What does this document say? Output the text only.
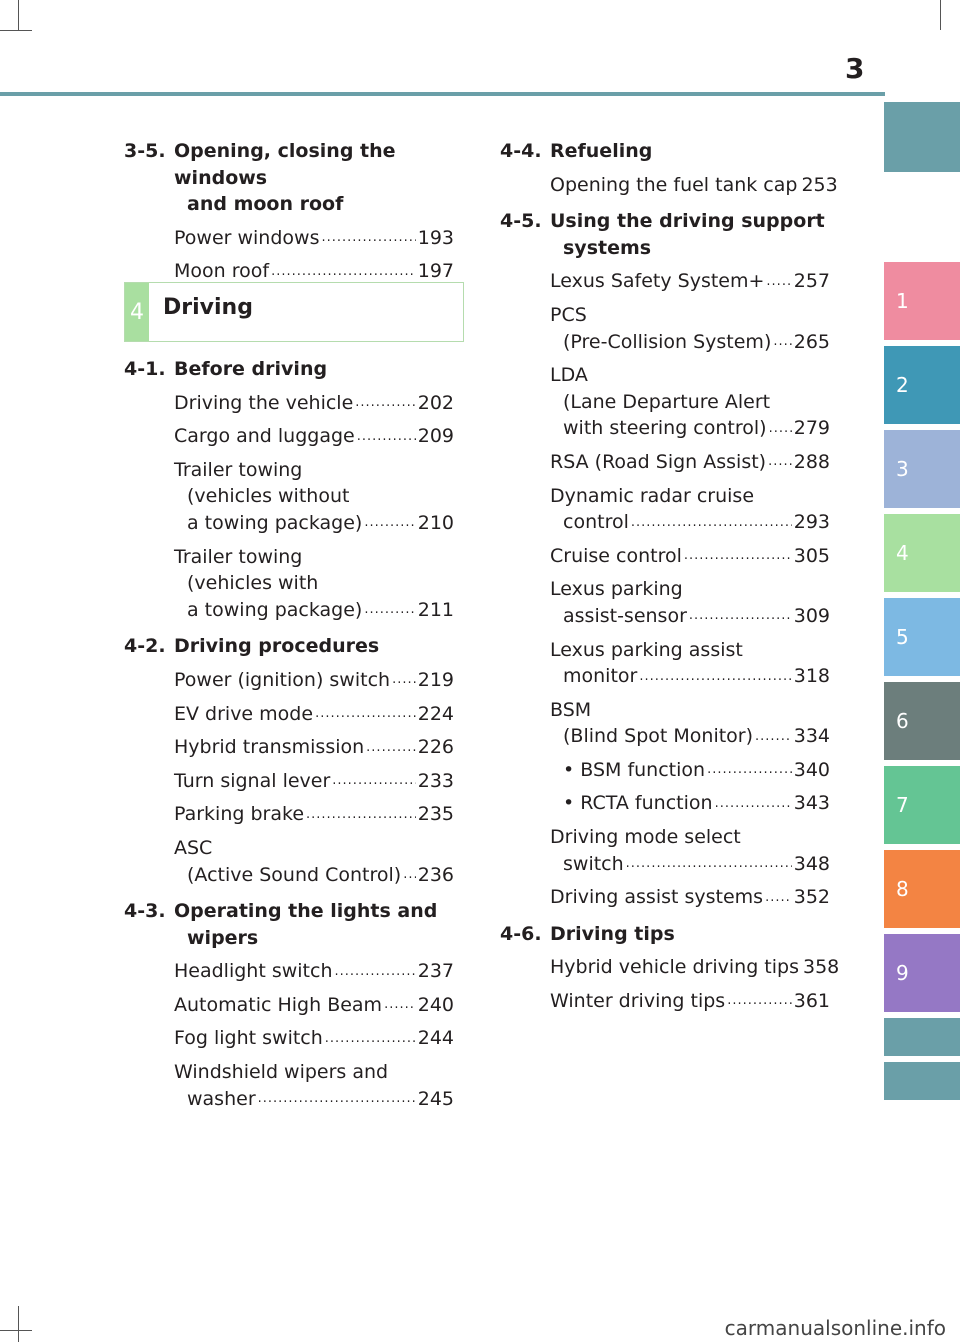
3
1
2
3
4
5
6
7
8
9
3-5. Opening, closing the windows
and moon roof
Power windows .....	193
Moon roof .....	197
4 Driving
4-1. Before driving
Driving the vehicle .....	202
Cargo and luggage .....	209
Trailer towing
(vehicles without
a towing package) .....	210
Trailer towing
(vehicles with
a towing package) .....	211
4-2. Driving procedures
Power (ignition) switch ..... 219
EV drive mode .....	224
Hybrid transmission .....	226
Turn signal lever .....	233
Parking brake .....	235
ASC
(Active Sound Control) ..... 236
4-3. Operating the lights and
wipers
Headlight switch .....	237
Automatic High Beam ..... 240
Fog light switch .....	244
Windshield wipers and
washer .....	245
4-4. Refueling
Opening the fuel tank cap 253
4-5. Using the driving support
systems
Lexus Safety System+ ..... 257
PCS
(Pre-Collision System) ..... 265
LDA
(Lane Departure Alert
with steering control) ..... 279
RSA (Road Sign Assist) ..... 288
Dynamic radar cruise
control .....	293
Cruise control .....	305
Lexus parking
assist-sensor .....	309
Lexus parking assist
monitor .....	318
BSM
(Blind Spot Monitor) ..... 334
• BSM function .....	340
• RCTA function .....	343
Driving mode select
switch .....	348
Driving assist systems ..... 352
4-6. Driving tips
Hybrid vehicle driving tips 358
Winter driving tips .....	361
carmanualsonline.info
